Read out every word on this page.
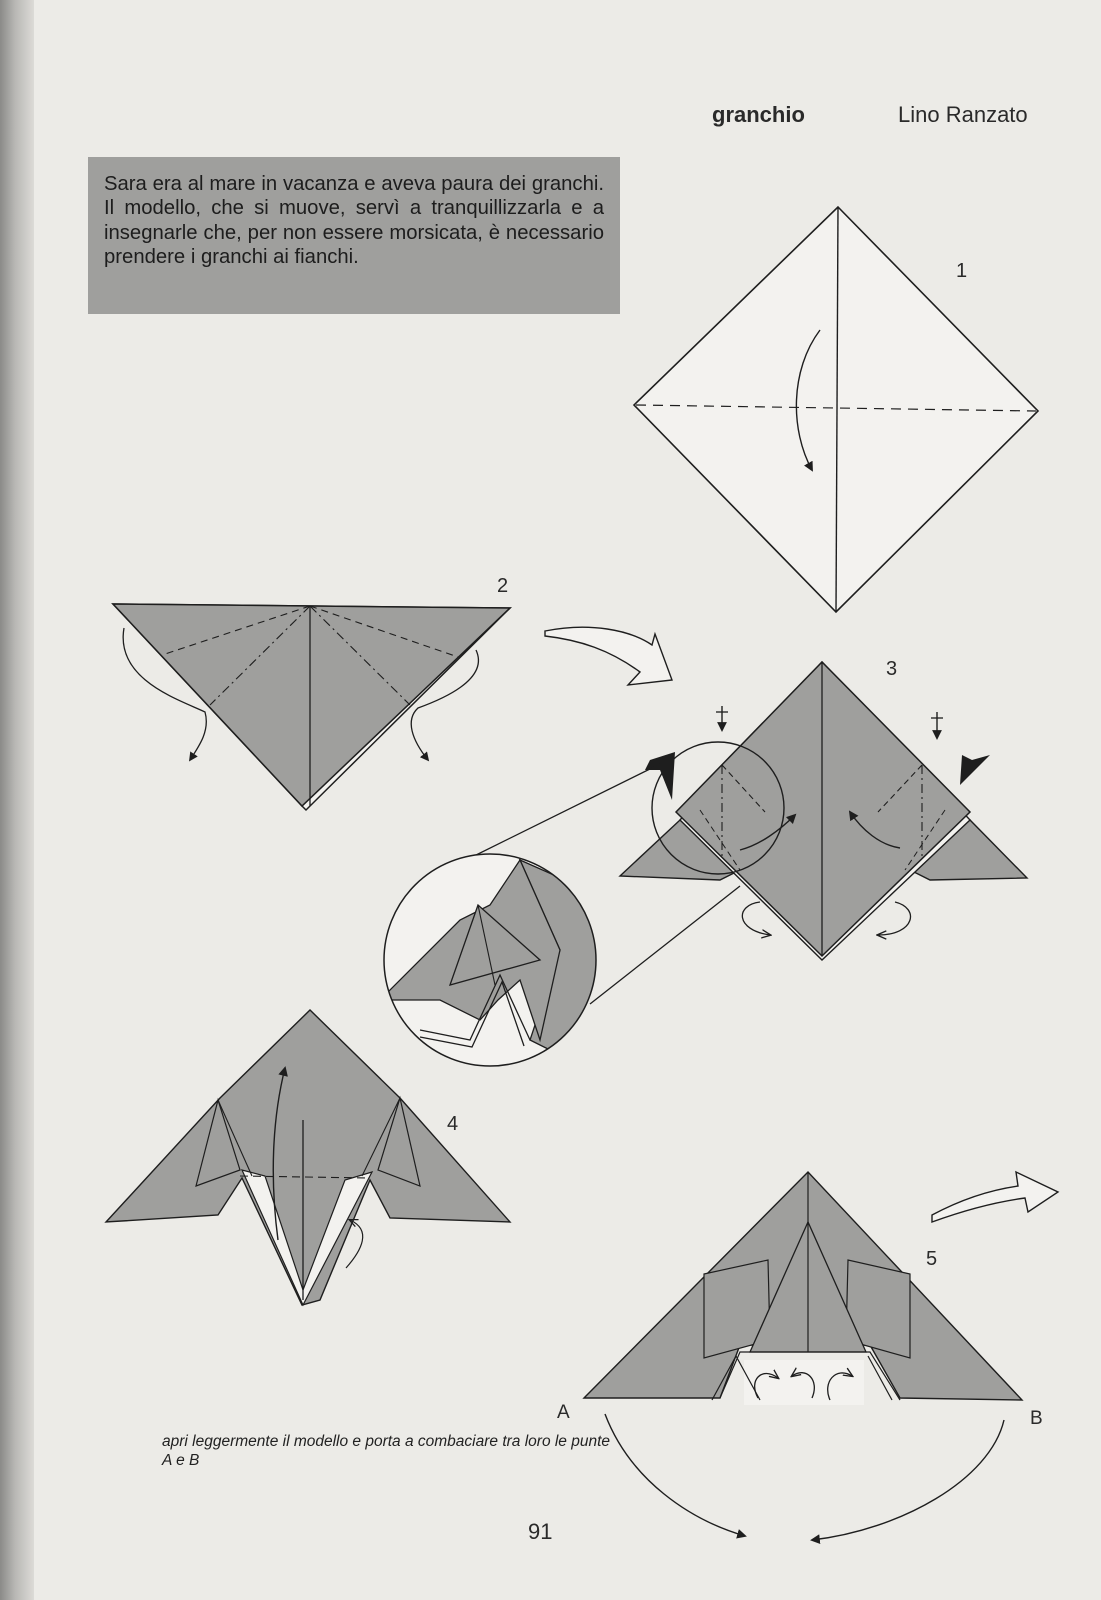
granchio	Lino Ranzato
Sara era al mare in vacanza e aveva paura dei granchi. Il modello, che si muove, servì a tranquillizzarla e a insegnarle che, per non essere morsicata, è necessario prendere i granchi ai fianchi.
1
2
3
4
5
A	B
apri leggermente il modello e porta a combaciare tra loro le punte A e B
91
